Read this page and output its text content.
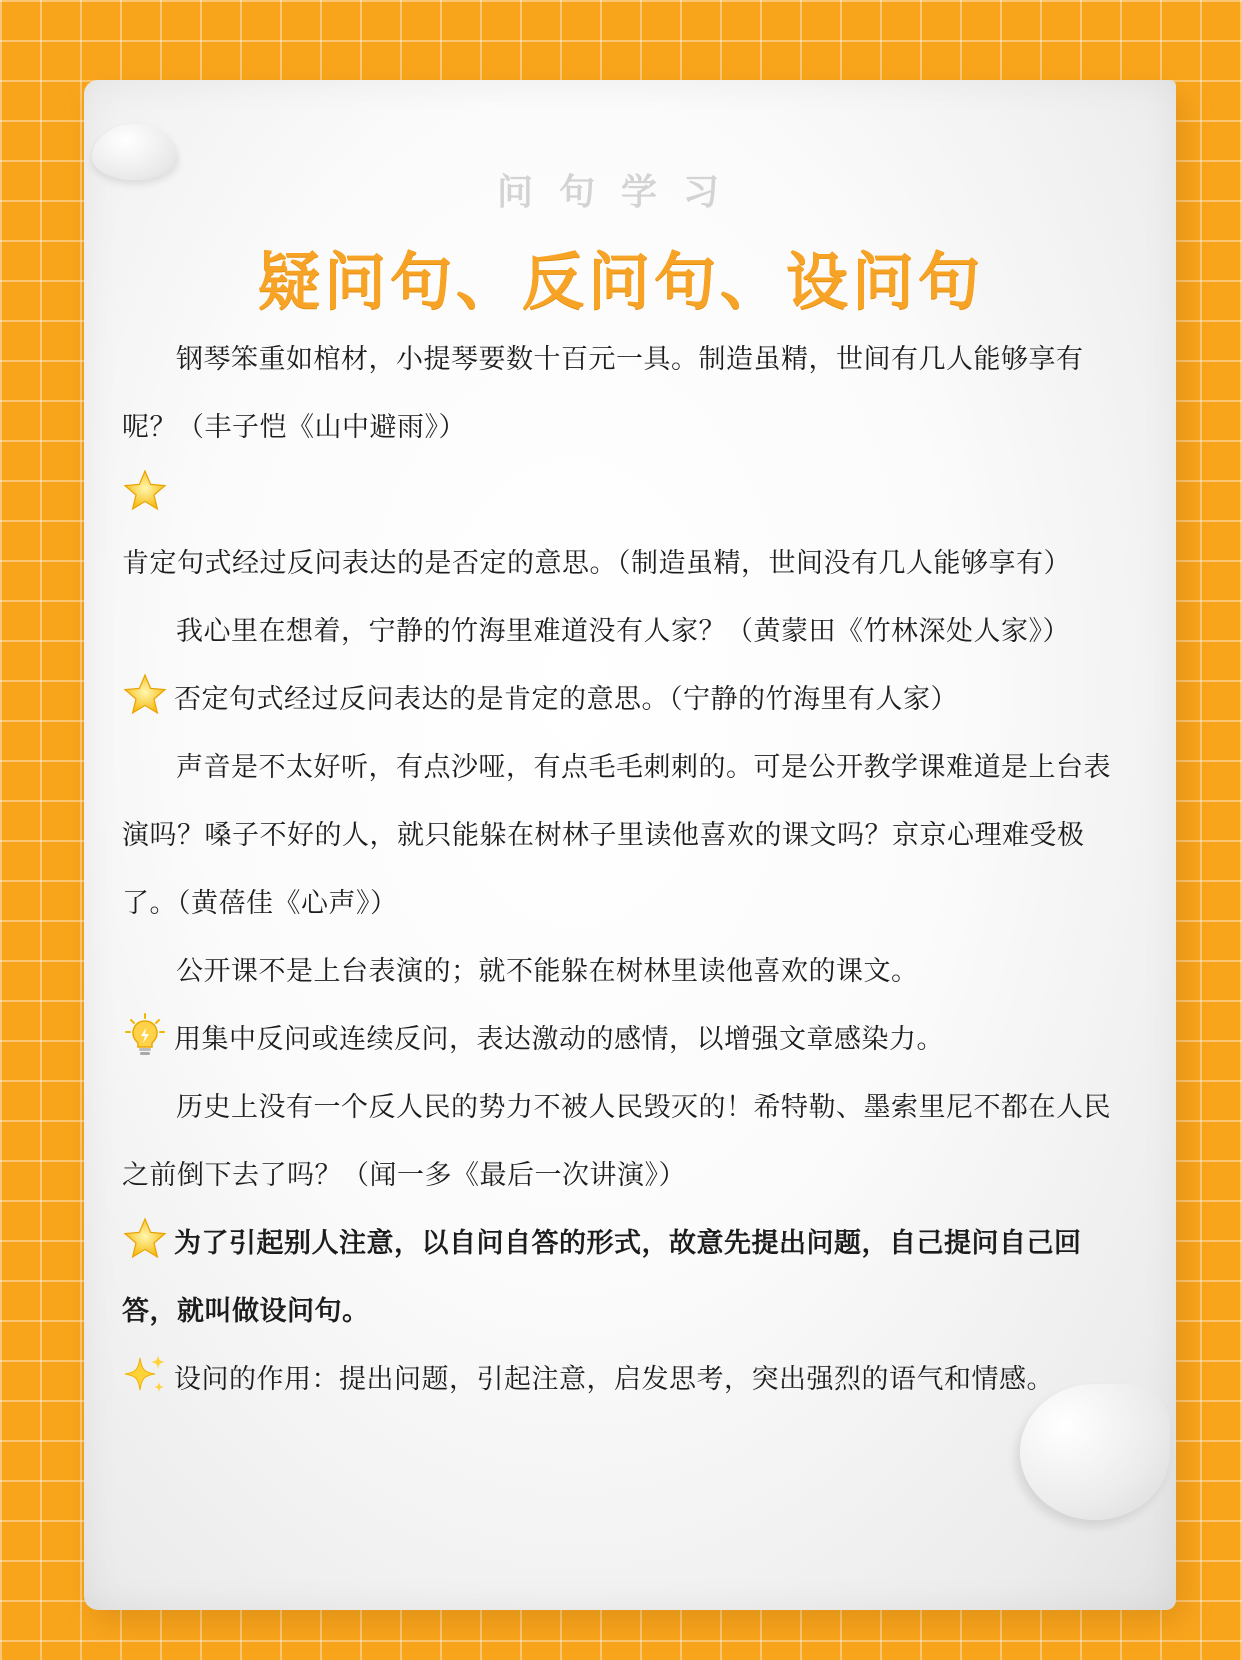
问句学习
疑问句、反问句、设问句

钢琴笨重如棺材，小提琴要数十百元一具。制造虽精，世间有几人能够享有呢？（丰子恺《山中避雨》）

肯定句式经过反问表达的是否定的意思。（制造虽精，世间没有几人能够享有）

我心里在想着，宁静的竹海里难道没有人家？（黄蒙田《竹林深处人家》）

否定句式经过反问表达的是肯定的意思。（宁静的竹海里有人家）

声音是不太好听，有点沙哑，有点毛毛刺刺的。可是公开教学课难道是上台表演吗？嗓子不好的人，就只能躲在树林子里读他喜欢的课文吗？京京心理难受极了。（黄蓓佳《心声》）

公开课不是上台表演的；就不能躲在树林里读他喜欢的课文。

用集中反问或连续反问，表达激动的感情，以增强文章感染力。

历史上没有一个反人民的势力不被人民毁灭的！希特勒、墨索里尼不都在人民之前倒下去了吗？（闻一多《最后一次讲演》）

为了引起别人注意，以自问自答的形式，故意先提出问题，自己提问自己回答，就叫做设问句。

设问的作用：提出问题，引起注意，启发思考，突出强烈的语气和情感。
